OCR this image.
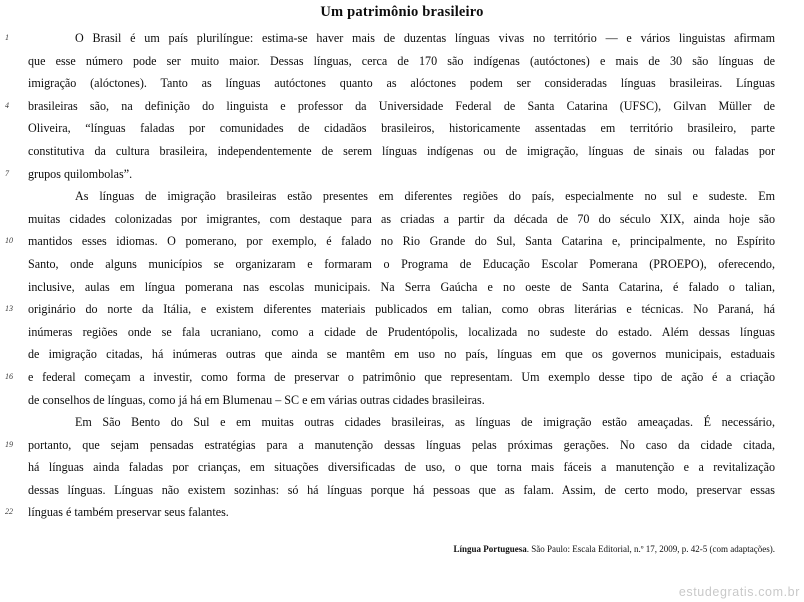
Um patrimônio brasileiro
1	O Brasil é um país plurilíngue: estima-se haver mais de duzentas línguas vivas no território — e vários linguistas afirmam
que esse número pode ser muito maior. Dessas línguas, cerca de 170 são indígenas (autóctones) e mais de 30 são línguas de
imigração (alóctones). Tanto as línguas autóctones quanto as alóctones podem ser consideradas línguas brasileiras. Línguas
4	brasileiras são, na definição do linguista e professor da Universidade Federal de Santa Catarina (UFSC), Gilvan Müller de
Oliveira, “línguas faladas por comunidades de cidadãos brasileiros, historicamente assentadas em território brasileiro, parte
constitutiva da cultura brasileira, independentemente de serem línguas indígenas ou de imigração, línguas de sinais ou faladas por
7	grupos quilombolas”.
As línguas de imigração brasileiras estão presentes em diferentes regiões do país, especialmente no sul e sudeste. Em
muitas cidades colonizadas por imigrantes, com destaque para as criadas a partir da década de 70 do século XIX, ainda hoje são
10	mantidos esses idiomas. O pomerano, por exemplo, é falado no Rio Grande do Sul, Santa Catarina e, principalmente, no Espírito
Santo, onde alguns municípios se organizaram e formaram o Programa de Educação Escolar Pomerana (PROEPO), oferecendo,
inclusive, aulas em língua pomerana nas escolas municipais. Na Serra Gaúcha e no oeste de Santa Catarina, é falado o talian,
13	originário do norte da Itália, e existem diferentes materiais publicados em talian, como obras literárias e técnicas. No Paraná, há
inúmeras regiões onde se fala ucraniano, como a cidade de Prudentópolis, localizada no sudeste do estado. Além dessas línguas
de imigração citadas, há inúmeras outras que ainda se mantêm em uso no país, línguas em que os governos municipais, estaduais
16	e federal começam a investir, como forma de preservar o patrimônio que representam. Um exemplo desse tipo de ação é a criação
de conselhos de línguas, como já há em Blumenau – SC e em várias outras cidades brasileiras.
Em São Bento do Sul e em muitas outras cidades brasileiras, as línguas de imigração estão ameaçadas. É necessário,
19	portanto, que sejam pensadas estratégias para a manutenção dessas línguas pelas próximas gerações. No caso da cidade citada,
há línguas ainda faladas por crianças, em situações diversificadas de uso, o que torna mais fáceis a manutenção e a revitalização
dessas línguas. Línguas não existem sozinhas: só há línguas porque há pessoas que as falam. Assim, de certo modo, preservar essas
22	línguas é também preservar seus falantes.
Língua Portuguesa. São Paulo: Escala Editorial, n.º 17, 2009, p. 42-5 (com adaptações).
estudegratis.com.br
